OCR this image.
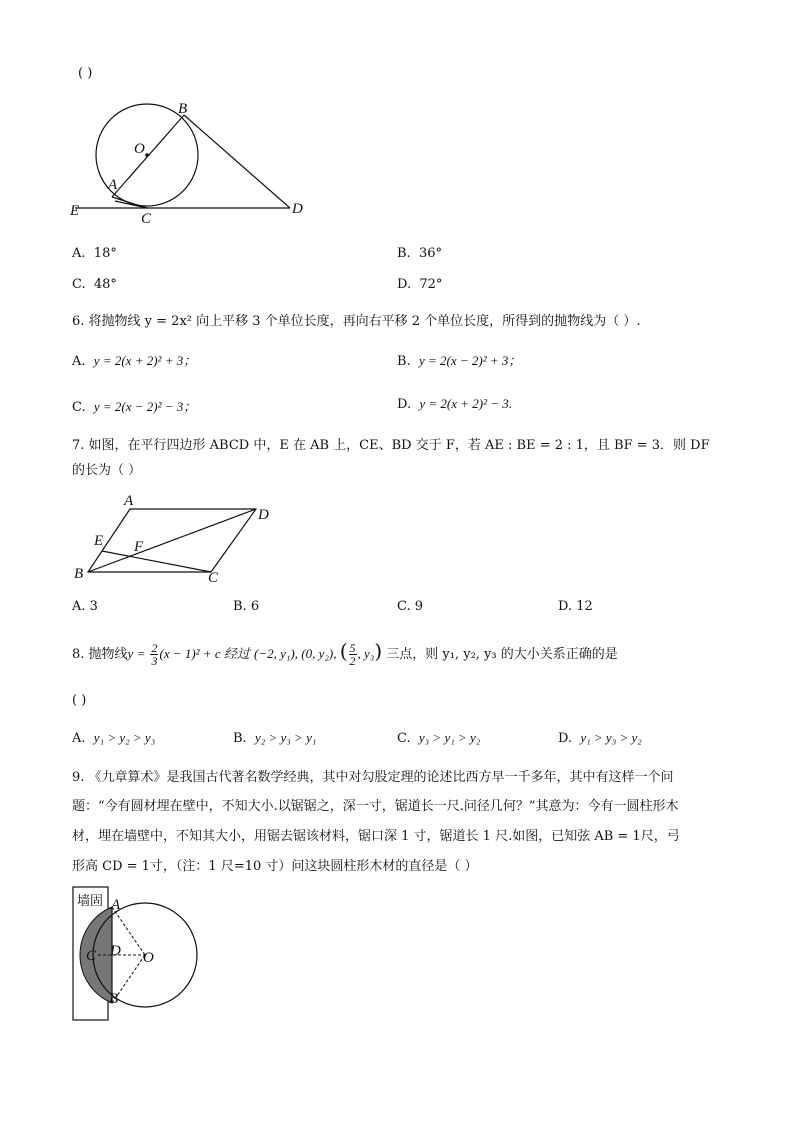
( )
B
O
A
E	C
D
A. 18°	B. 36°
C. 48°	D. 72°
6. 将抛物线 y = 2x² 向上平移 3 个单位长度，再向右平移 2 个单位长度，所得到的抛物线为（ ）.
A. y = 2(x + 2)² + 3；	B. y = 2(x − 2)² + 3；
C. y = 2(x − 2)² − 3；	D. y = 2(x + 2)² − 3.
7. 如图，在平行四边形 ABCD 中，E 在 AB 上，CE、BD 交于 F，若 AE : BE = 2 : 1，且 BF = 3．则 DF
的长为（ ）
A
D
E F
B	C
A. 3	B. 6	C. 9	D. 12
8. 抛物线$y = \frac{2}{3} (x - 1)^2 + c$ 经过 (−2, y₁), (0, y₂), ( $\frac{5}{2}$ , y₃) 三点，则 y₁, y₂, y₃ 的大小关系正确的是
( )
A. y₁ > y₂ > y₃	B. y₂ > y₃ > y₁	C. y₃ > y₁ > y₂	D. y₁ > y₃ > y₂
9. 《九章算术》是我国古代著名数学经典，其中对勾股定理的论述比西方早一千多年，其中有这样一个问
题：“今有圆材埋在壁中，不知大小.以锯锯之，深一寸，锯道长一尺.问径几何？”其意为：今有一圆柱形木
材，埋在墙壁中，不知其大小，用锯去锯该材料，锯口深 1 寸，锯道长 1 尺.如图，已知弦 AB = 1尺，弓
形高 CD = 1寸，（注：1 尺=10 寸）问这块圆柱形木材的直径是（ ）
墙固 A
C D O
B
